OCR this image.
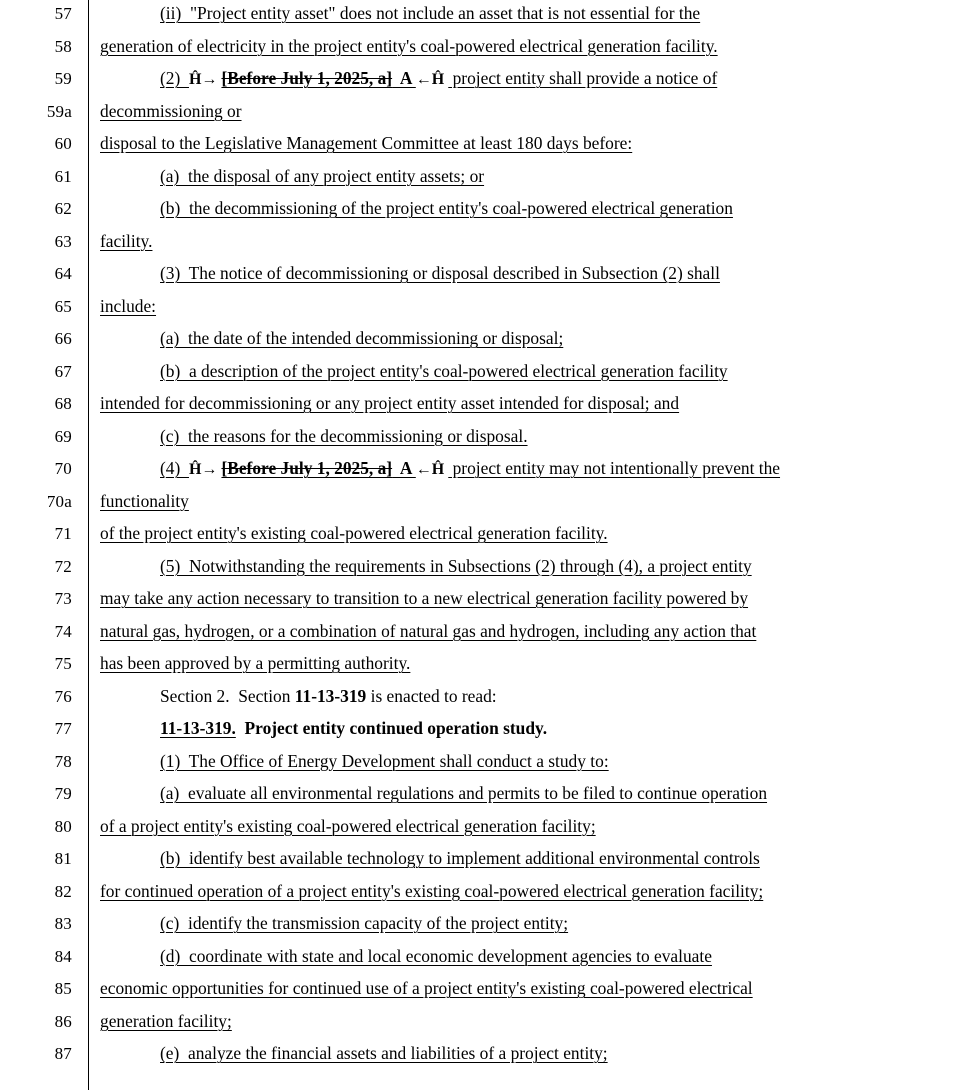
57	(ii)  "Project entity asset" does not include an asset that is not essential for the
58	generation of electricity in the project entity's coal-powered electrical generation facility.
59	(2)  Ĥ→ [Before July 1, 2025, a]  A ←Ĥ  project entity shall provide a notice of
59a	decommissioning or
60	disposal to the Legislative Management Committee at least 180 days before:
61	(a)  the disposal of any project entity assets; or
62	(b)  the decommissioning of the project entity's coal-powered electrical generation
63	facility.
64	(3)  The notice of decommissioning or disposal described in Subsection (2) shall
65	include:
66	(a)  the date of the intended decommissioning or disposal;
67	(b)  a description of the project entity's coal-powered electrical generation facility
68	intended for decommissioning or any project entity asset intended for disposal; and
69	(c)  the reasons for the decommissioning or disposal.
70	(4)  Ĥ→ [Before July 1, 2025, a]  A ←Ĥ  project entity may not intentionally prevent the
70a	functionality
71	of the project entity's existing coal-powered electrical generation facility.
72	(5)  Notwithstanding the requirements in Subsections (2) through (4), a project entity
73	may take any action necessary to transition to a new electrical generation facility powered by
74	natural gas, hydrogen, or a combination of natural gas and hydrogen, including any action that
75	has been approved by a permitting authority.
76	Section 2.  Section 11-13-319 is enacted to read:
77	11-13-319.  Project entity continued operation study.
78	(1)  The Office of Energy Development shall conduct a study to:
79	(a)  evaluate all environmental regulations and permits to be filed to continue operation
80	of a project entity's existing coal-powered electrical generation facility;
81	(b)  identify best available technology to implement additional environmental controls
82	for continued operation of a project entity's existing coal-powered electrical generation facility;
83	(c)  identify the transmission capacity of the project entity;
84	(d)  coordinate with state and local economic development agencies to evaluate
85	economic opportunities for continued use of a project entity's existing coal-powered electrical
86	generation facility;
87	(e)  analyze the financial assets and liabilities of a project entity;
